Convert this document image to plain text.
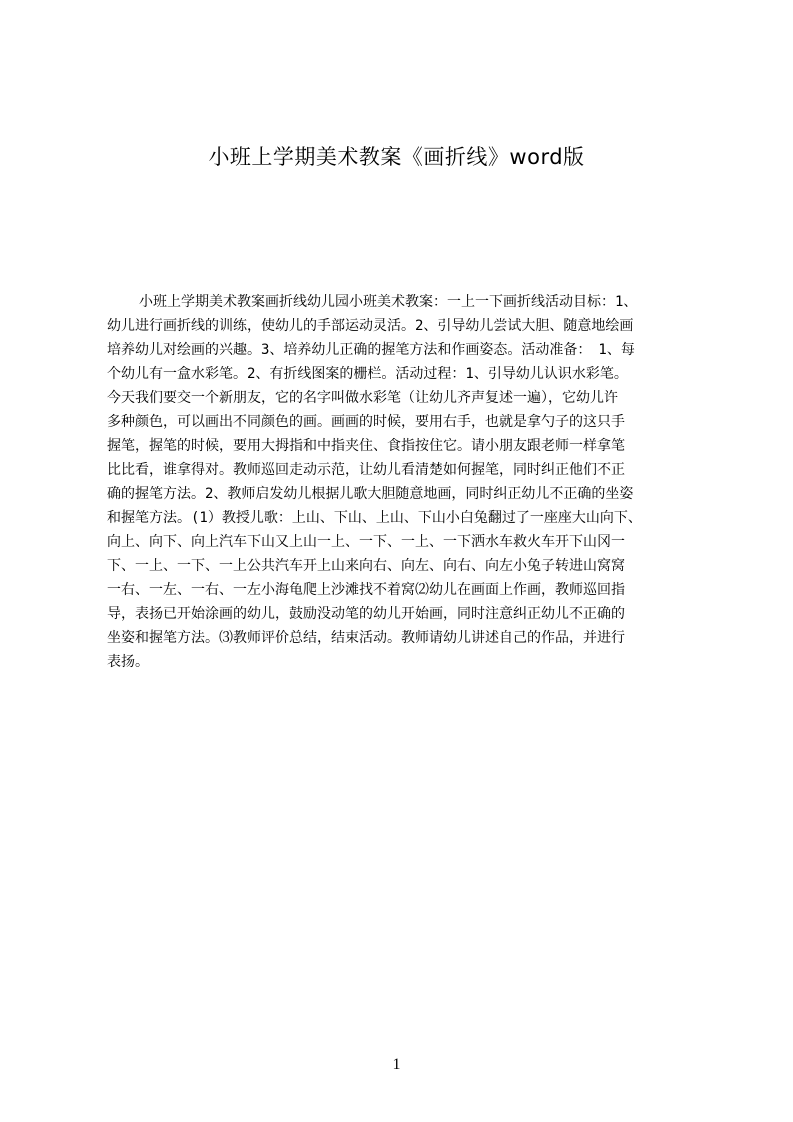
小班上学期美术教案《画折线》word版
小班上学期美术教案画折线幼儿园小班美术教案：一上一下画折线活动目标：1、
幼儿进行画折线的训练，使幼儿的手部运动灵活。2、引导幼儿尝试大胆、随意地绘画
培养幼儿对绘画的兴趣。3、培养幼儿正确的握笔方法和作画姿态。活动准备：　1、每
个幼儿有一盒水彩笔。2、有折线图案的栅栏。活动过程：1、引导幼儿认识水彩笔。
今天我们要交一个新朋友，它的名字叫做水彩笔（让幼儿齐声复述一遍），它幼儿许
多种颜色，可以画出不同颜色的画。画画的时候，要用右手，也就是拿勺子的这只手
握笔，握笔的时候，要用大拇指和中指夹住、食指按住它。请小朋友跟老师一样拿笔
比比看，谁拿得对。教师巡回走动示范，让幼儿看清楚如何握笔，同时纠正他们不正
确的握笔方法。2、教师启发幼儿根据儿歌大胆随意地画，同时纠正幼儿不正确的坐姿
和握笔方法。(1）教授儿歌：上山、下山、上山、下山小白兔翻过了一座座大山向下、
向上、向下、向上汽车下山又上山一上、一下、一上、一下洒水车救火车开下山冈一
下、一上、一下、一上公共汽车开上山来向右、向左、向右、向左小兔子转进山窝窝
一右、一左、一右、一左小海龟爬上沙滩找不着窝⑵幼儿在画面上作画，教师巡回指
导，表扬已开始涂画的幼儿，鼓励没动笔的幼儿开始画，同时注意纠正幼儿不正确的
坐姿和握笔方法。⑶教师评价总结，结束活动。教师请幼儿讲述自己的作品，并进行
表扬。
1
